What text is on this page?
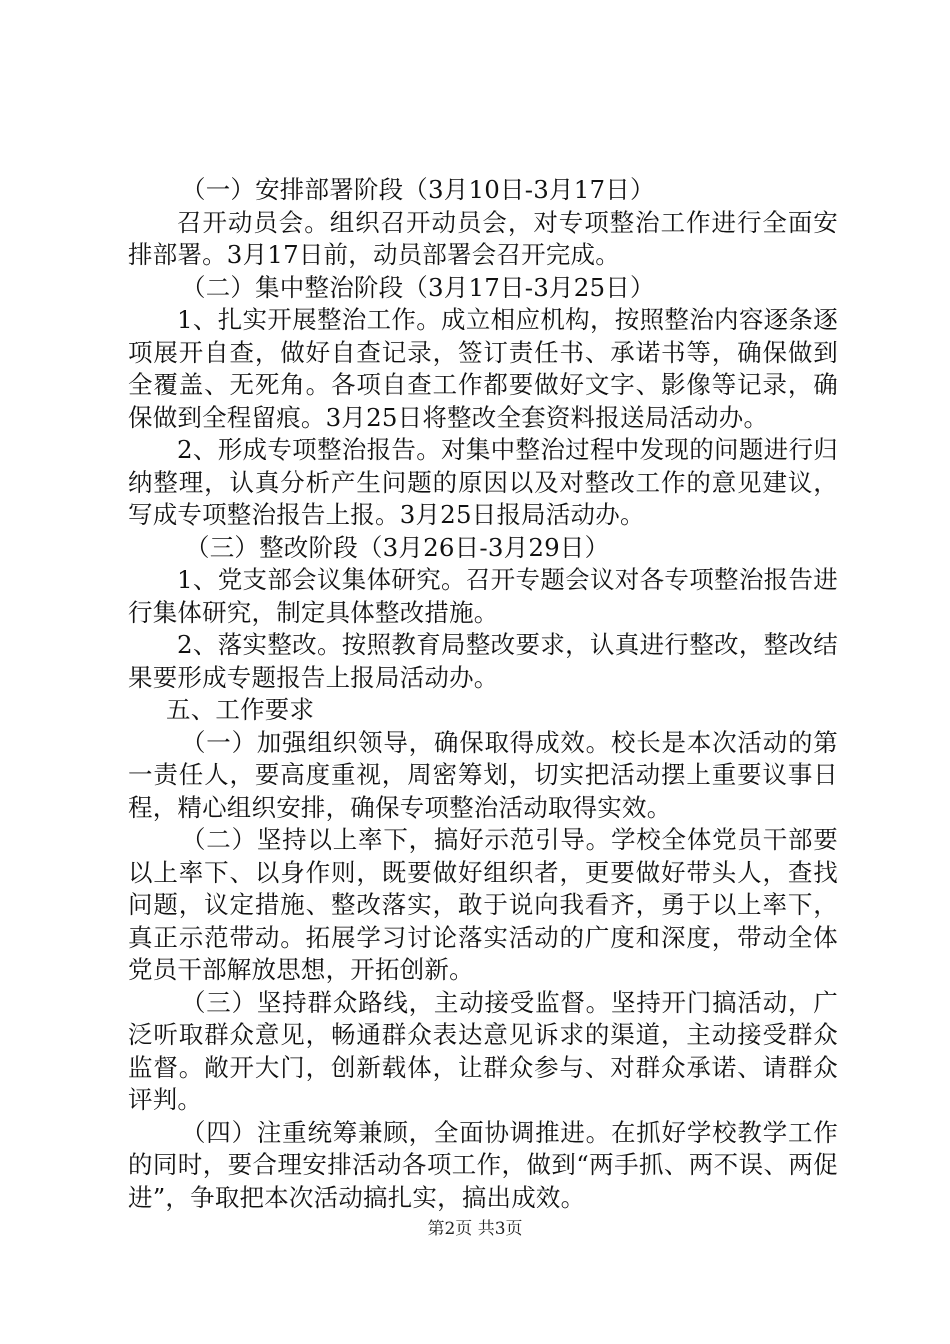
（一）安排部署阶段（3月10日-3月17日）

召开动员会。组织召开动员会，对专项整治工作进行全面安排部署。3月17日前，动员部署会召开完成。

（二）集中整治阶段（3月17日-3月25日）

1、扎实开展整治工作。成立相应机构，按照整治内容逐条逐项展开自查，做好自查记录，签订责任书、承诺书等，确保做到全覆盖、无死角。各项自查工作都要做好文字、影像等记录，确保做到全程留痕。3月25日将整改全套资料报送局活动办。

2、形成专项整治报告。对集中整治过程中发现的问题进行归纳整理，认真分析产生问题的原因以及对整改工作的意见建议，写成专项整治报告上报。3月25日报局活动办。

（三）整改阶段（3月26日-3月29日）

1、党支部会议集体研究。召开专题会议对各专项整治报告进行集体研究，制定具体整改措施。

2、落实整改。按照教育局整改要求，认真进行整改，整改结果要形成专题报告上报局活动办。

五、工作要求

（一）加强组织领导，确保取得成效。校长是本次活动的第一责任人，要高度重视，周密筹划，切实把活动摆上重要议事日程，精心组织安排，确保专项整治活动取得实效。

（二）坚持以上率下，搞好示范引导。学校全体党员干部要以上率下、以身作则，既要做好组织者，更要做好带头人，查找问题，议定措施、整改落实，敢于说向我看齐，勇于以上率下，真正示范带动。拓展学习讨论落实活动的广度和深度，带动全体党员干部解放思想，开拓创新。

（三）坚持群众路线，主动接受监督。坚持开门搞活动，广泛听取群众意见，畅通群众表达意见诉求的渠道，主动接受群众监督。敞开大门，创新载体，让群众参与、对群众承诺、请群众评判。

（四）注重统筹兼顾，全面协调推进。在抓好学校教学工作的同时，要合理安排活动各项工作，做到“两手抓、两不误、两促进”，争取把本次活动搞扎实，搞出成效。

第2页 共3页
